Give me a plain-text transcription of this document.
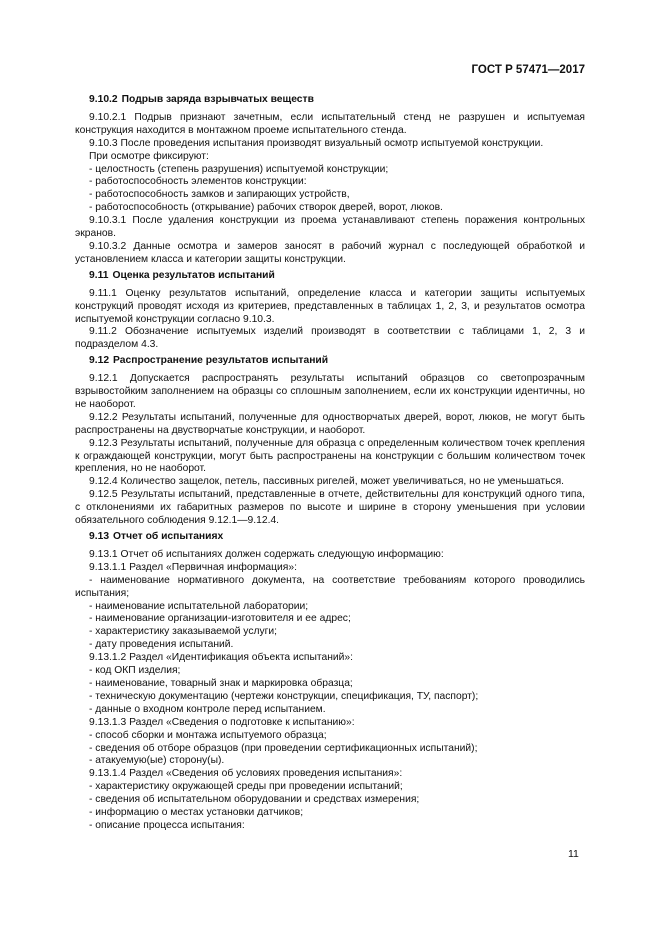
ГОСТ Р 57471—2017

9.10.2 Подрыв заряда взрывчатых веществ

9.10.2.1 Подрыв признают зачетным, если испытательный стенд не разрушен и испытуемая конструкция находится в монтажном проеме испытательного стенда.

9.10.3 После проведения испытания производят визуальный осмотр испытуемой конструкции.

При осмотре фиксируют:

- целостность (степень разрушения) испытуемой конструкции;

- работоспособность элементов конструкции:

- работоспособность замков и запирающих устройств,

- работоспособность (открывание) рабочих створок дверей, ворот, люков.

9.10.3.1 После удаления конструкции из проема устанавливают степень поражения контрольных экранов.

9.10.3.2 Данные осмотра и замеров заносят в рабочий журнал с последующей обработкой и установлением класса и категории защиты конструкции.

9.11 Оценка результатов испытаний

9.11.1 Оценку результатов испытаний, определение класса и категории защиты испытуемых конструкций проводят исходя из критериев, представленных в таблицах 1, 2, 3, и результатов осмотра испытуемой конструкции согласно 9.10.3.

9.11.2 Обозначение испытуемых изделий производят в соответствии с таблицами 1, 2, 3 и подразделом 4.3.

9.12 Распространение результатов испытаний

9.12.1 Допускается распространять результаты испытаний образцов со светопрозрачным взрывостойким заполнением на образцы со сплошным заполнением, если их конструкции идентичны, но не наоборот.

9.12.2 Результаты испытаний, полученные для одностворчатых дверей, ворот, люков, не могут быть распространены на двустворчатые конструкции, и наоборот.

9.12.3 Результаты испытаний, полученные для образца с определенным количеством точек крепления к ограждающей конструкции, могут быть распространены на конструкции с большим количеством точек крепления, но не наоборот.

9.12.4 Количество защелок, петель, пассивных ригелей, может увеличиваться, но не уменьшаться.

9.12.5 Результаты испытаний, представленные в отчете, действительны для конструкций одного типа, с отклонениями их габаритных размеров по высоте и ширине в сторону уменьшения при условии обязательного соблюдения 9.12.1—9.12.4.

9.13 Отчет об испытаниях

9.13.1 Отчет об испытаниях должен содержать следующую информацию:

9.13.1.1 Раздел «Первичная информация»:

- наименование нормативного документа, на соответствие требованиям которого проводились испытания;

- наименование испытательной лаборатории;

- наименование организации-изготовителя и ее адрес;

- характеристику заказываемой услуги;

- дату проведения испытаний.

9.13.1.2 Раздел «Идентификация объекта испытаний»:

- код ОКП изделия;

- наименование, товарный знак и маркировка образца;

- техническую документацию (чертежи конструкции, спецификация, ТУ, паспорт);

- данные о входном контроле перед испытанием.

9.13.1.3 Раздел «Сведения о подготовке к испытанию»:

- способ сборки и монтажа испытуемого образца;

- сведения об отборе образцов (при проведении сертификационных испытаний);

- атакуемую(ые) сторону(ы).

9.13.1.4 Раздел «Сведения об условиях проведения испытания»:

- характеристику окружающей среды при проведении испытаний;

- сведения об испытательном оборудовании и средствах измерения;

- информацию о местах установки датчиков;

- описание процесса испытания:

11
